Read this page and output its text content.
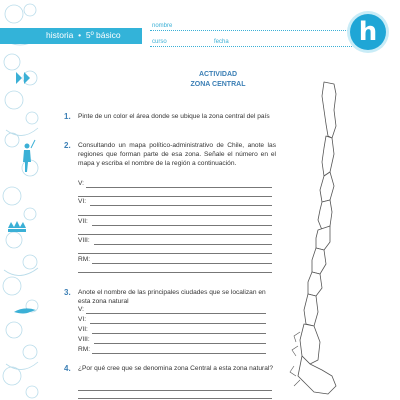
historia  •  5º básico
nombre
curso	fecha	h
ACTIVIDAD
ZONA CENTRAL
1. Pinte de un color el área donde se ubique la zona central del país
2. Consultando un mapa político-administrativo de Chile, anote las regiones que forman parte de esa zona. Señale el número en el mapa y escriba el nombre de la región a continuación.
V:
VI:
VII:
VIII:
RM:
3. Anote el nombre de las principales ciudades que se localizan en esta zona natural
V:
VI:
VII:
VIII:
RM:
4. ¿Por qué cree que se denomina zona Central a esta zona natural?
